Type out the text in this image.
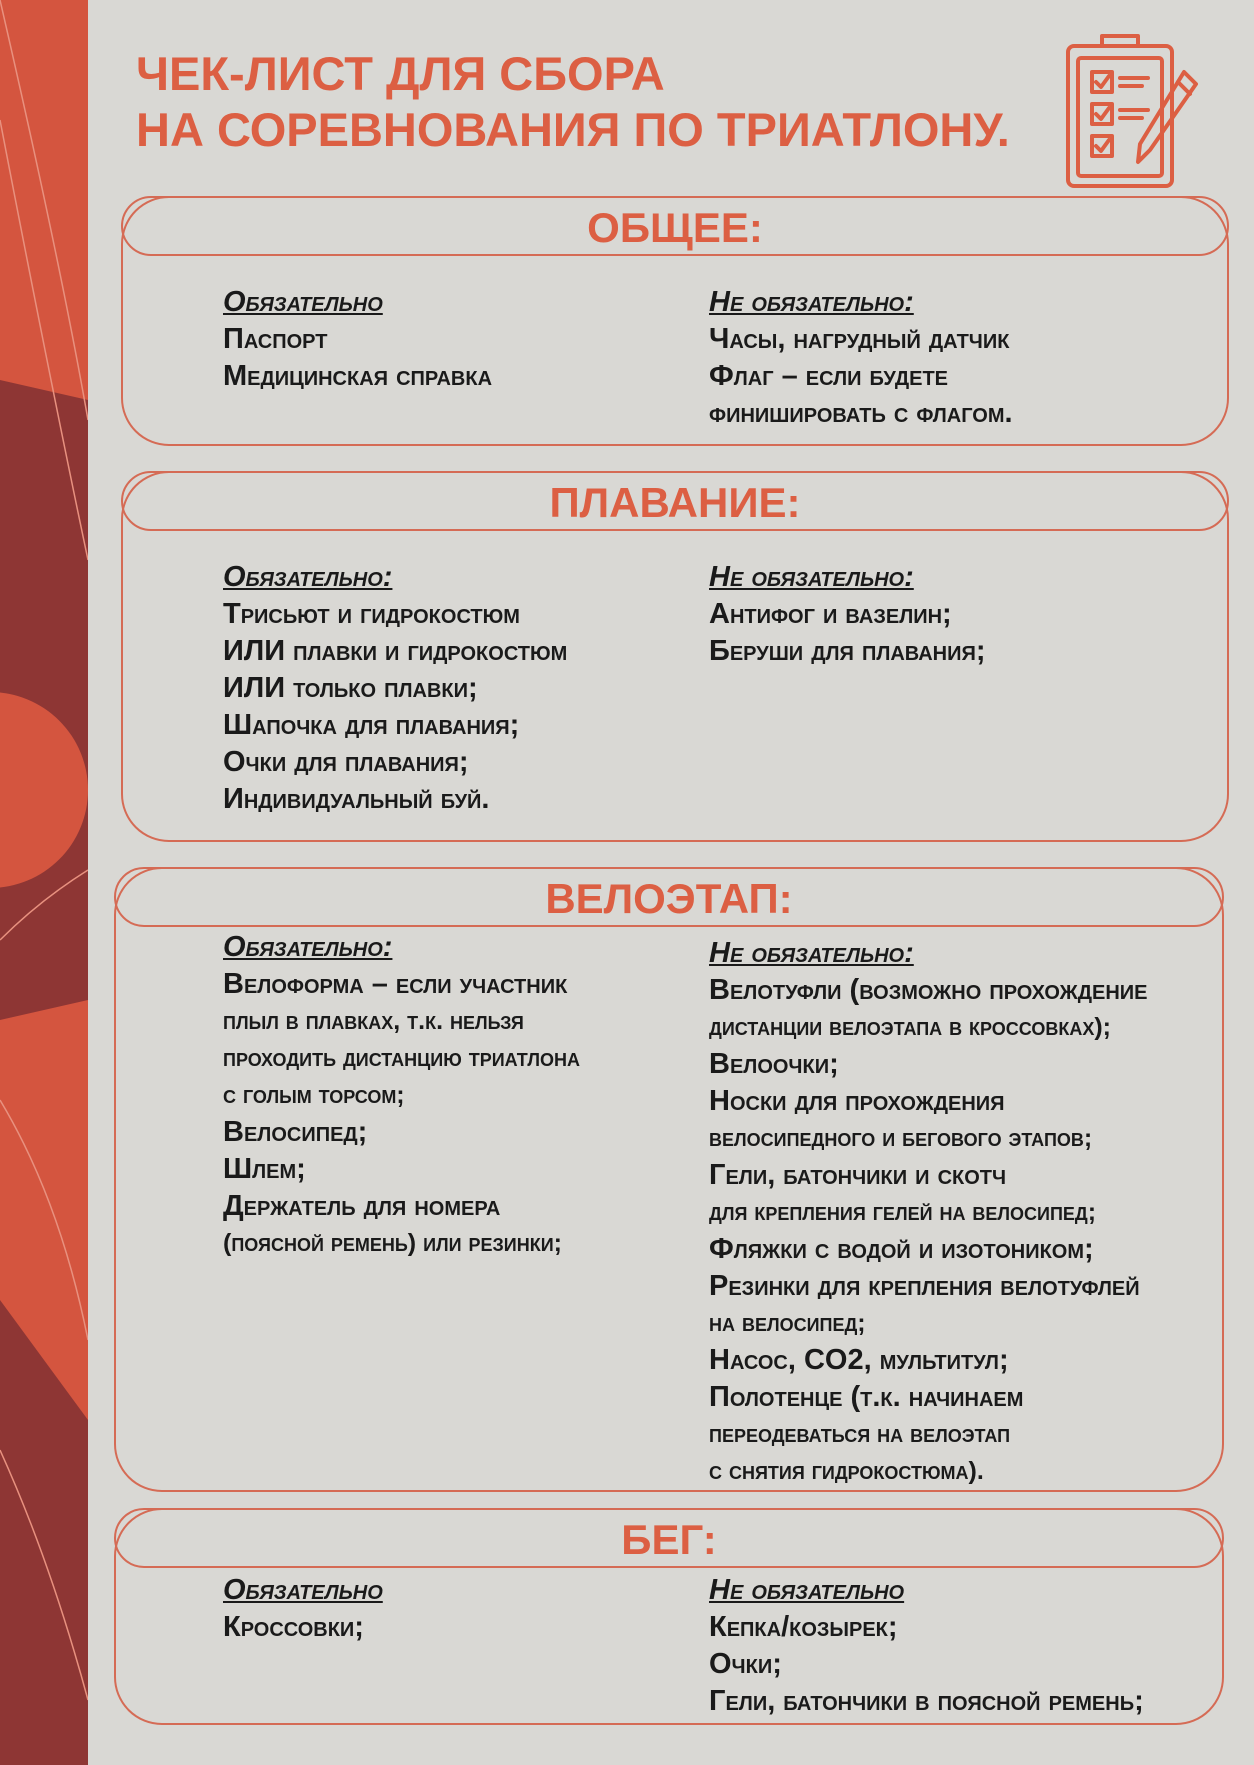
ЧЕК-ЛИСТ ДЛЯ СБОРА
НА СОРЕВНОВАНИЯ ПО ТРИАТЛОНУ.
ОБЩЕЕ:
Обязательно
Паспорт
Медицинская справка
Не обязательно:
Часы, нагрудный датчик
Флаг – если будете
финишировать с флагом.
ПЛАВАНИЕ:
Обязательно:
Трисьют и гидрокостюм
ИЛИ плавки и гидрокостюм
ИЛИ только плавки;
Шапочка для плавания;
Очки для плавания;
Индивидуальный буй.
Не обязательно:
Антифог и вазелин;
Беруши для плавания;
ВЕЛОЭТАП:
Обязательно:
Велоформа – если участник
плыл в плавках, т.к. нельзя
проходить дистанцию триатлона
с голым торсом;
Велосипед;
Шлем;
Держатель для номера
(поясной ремень) или резинки;
Не обязательно:
Велотуфли (возможно прохождение
дистанции велоэтапа в кроссовках);
Велоочки;
Носки для прохождения
велосипедного и бегового этапов;
Гели, батончики и скотч
для крепления гелей на велосипед;
Фляжки с водой и изотоником;
Резинки для крепления велотуфлей
на велосипед;
Насос, CO2, мультитул;
Полотенце (т.к. начинаем
переодеваться на велоэтап
с снятия гидрокостюма).
БЕГ:
Обязательно
Кроссовки;
Не обязательно
Кепка/козырек;
Очки;
Гели, батончики в поясной ремень;
